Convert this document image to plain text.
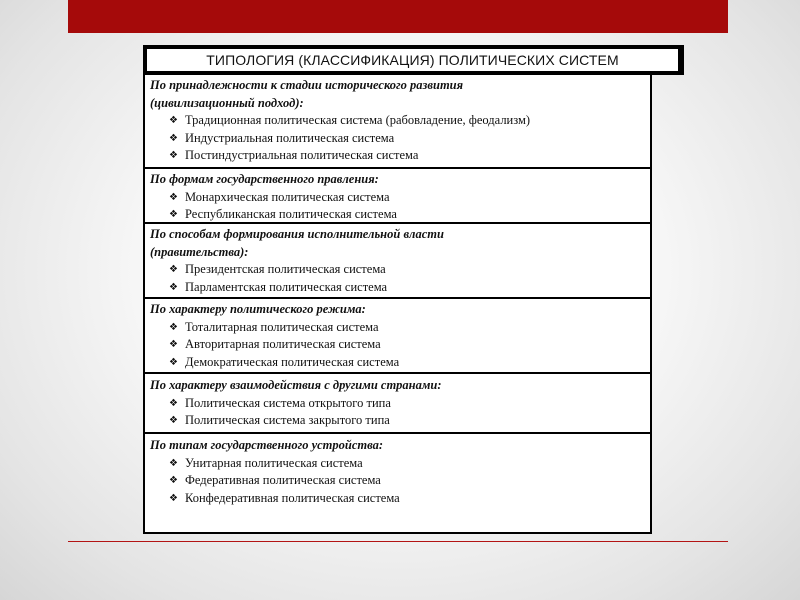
ТИПОЛОГИЯ (КЛАССИФИКАЦИЯ) ПОЛИТИЧЕСКИХ СИСТЕМ
По принадлежности к стадии исторического развития
(цивилизационный подход):
❖ Традиционная политическая система (рабовладение, феодализм)
❖ Индустриальная политическая система
❖ Постиндустриальная политическая система
По формам государственного правления:
❖ Монархическая политическая система
❖ Республиканская политическая система
По способам формирования исполнительной власти
(правительства):
❖ Президентская политическая система
❖ Парламентская политическая система
По характеру политического режима:
❖ Тоталитарная политическая система
❖ Авторитарная политическая система
❖ Демократическая политическая система
По характеру взаимодействия с другими странами:
❖ Политическая система открытого типа
❖ Политическая система закрытого типа
По типам государственного устройства:
❖ Унитарная политическая система
❖ Федеративная политическая система
❖ Конфедеративная политическая система
